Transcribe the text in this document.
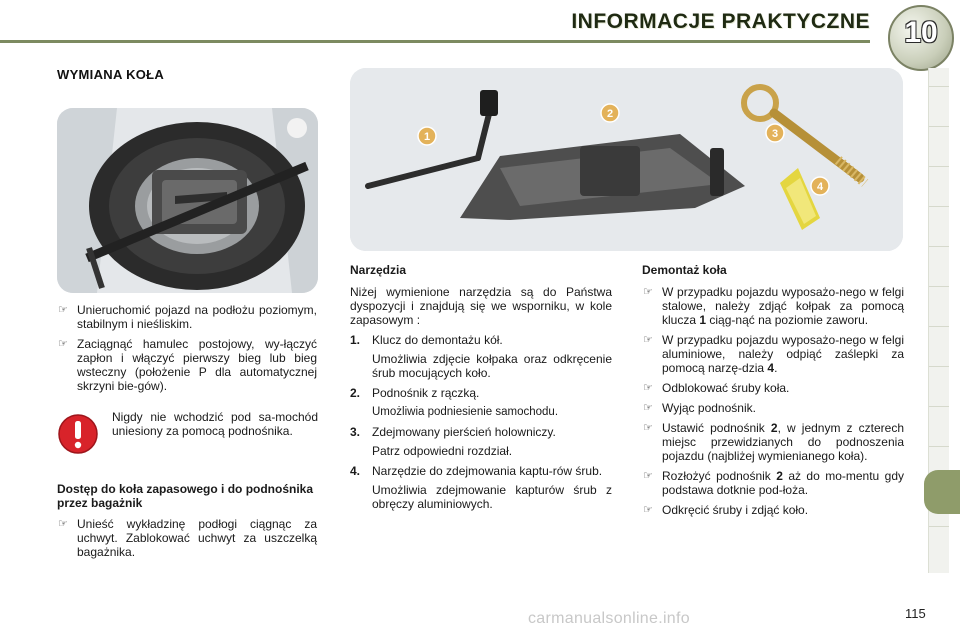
INFORMACJE PRAKTYCZNE	10
WYMIANA KOŁA
1
2
3
4

☞ Unieruchomić pojazd na podłożu poziomym, stabilnym i nieśliskim.

☞ Zaciągnąć hamulec postojowy, wy-łączyć zapłon i włączyć pierwszy bieg lub bieg wsteczny (położenie P dla automatycznej skrzyni bie-gów).

Nigdy nie wchodzić pod sa-mochód uniesiony za pomocą podnośnika.

Dostęp do koła zapasowego i do podnośnika przez bagażnik

☞ Unieść wykładzinę podłogi ciągnąc za uchwyt. Zablokować uchwyt za uszczelką bagażnika.

Narzędzia

Niżej wymienione narzędzia są do Państwa dyspozycji i znajdują się we wsporniku, w kole zapasowym :

1. Klucz do demontażu kół.

Umożliwia zdjęcie kołpaka oraz odkręcenie śrub mocujących koło.

2. Podnośnik z rączką.

Umożliwia podniesienie samochodu.

3. Zdejmowany pierścień holowniczy.

Patrz odpowiedni rozdział.

4. Narzędzie do zdejmowania kaptu-rów śrub.

Umożliwia zdejmowanie kapturów śrub z obręczy aluminiowych.

Demontaż koła

☞ W przypadku pojazdu wyposażo-nego w felgi stalowe, należy zdjąć kołpak za pomocą klucza 1 ciąg-nąć na poziomie zaworu.

☞ W przypadku pojazdu wyposażo-nego w felgi aluminiowe, należy odpiąć zaślepki za pomocą narzę-dzia 4.

☞ Odblokować śruby koła.

☞ Wyjąc podnośnik.

☞ Ustawić podnośnik 2, w jednym z czterech miejsc przewidzianych do podnoszenia pojazdu (najbliżej wymienianego koła).

☞ Rozłożyć podnośnik 2 aż do mo-mentu gdy podstawa dotknie pod-łoża.

☞ Odkręcić śruby i zdjąć koło.

carmanualsonline.info	115
